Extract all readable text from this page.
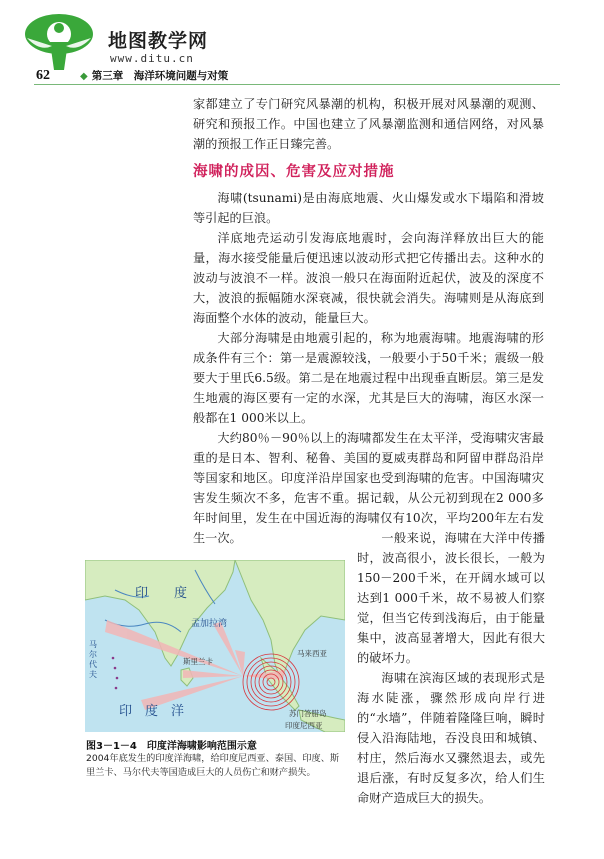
地图教学网
www.ditu.cn
62	◆ 第三章　海洋环境问题与对策

家都建立了专门研究风暴潮的机构，积极开展对风暴潮的观测、研究和预报工作。中国也建立了风暴潮监测和通信网络，对风暴潮的预报工作正日臻完善。

海啸的成因、危害及应对措施

海啸(tsunami)是由海底地震、火山爆发或水下塌陷和滑坡等引起的巨浪。

洋底地壳运动引发海底地震时，会向海洋释放出巨大的能量，海水接受能量后便迅速以波动形式把它传播出去。这种水的波动与波浪不一样。波浪一般只在海面附近起伏，波及的深度不大，波浪的振幅随水深衰减，很快就会消失。海啸则是从海底到海面整个水体的波动，能量巨大。

大部分海啸是由地震引起的，称为地震海啸。地震海啸的形成条件有三个：第一是震源较浅，一般要小于50千米；震级一般要大于里氏6.5级。第二是在地震过程中出现垂直断层。第三是发生地震的海区要有一定的水深，尤其是巨大的海啸，海区水深一般都在1 000米以上。

大约80％－90％以上的海啸都发生在太平洋，受海啸灾害最重的是日本、智利、秘鲁、美国的夏威夷群岛和阿留申群岛沿岸等国家和地区。印度洋沿岸国家也受到海啸的危害。中国海啸灾害发生频次不多，危害不重。据记载，从公元初到现在2 000多年时间里，发生在中国近海的海啸仅有10次，平均200年左右发生一次。	一般来说，海啸在大洋中传播时，波高很小，波长很长，一般为150－200千米，在开阔水域可以达到1 000千米，故不易被人们察觉，但当它传到浅海后，由于能量集中，波高显著增大，因此有很大的破坏力。

海啸在滨海区域的表现形式是海水陡涨，骤然形成向岸行进的“水墙”，伴随着隆隆巨响，瞬时侵入沿海陆地，吞没良田和城镇、村庄，然后海水又骤然退去，或先退后涨，有时反复多次，给人们生命财产造成巨大的损失。

印　　度
孟加拉湾
马尔代夫
斯里兰卡
印　度　洋	苏门答腊岛
马来西亚
印度尼西亚
图3－1－4　印度洋海啸影响范围示意
2004年底发生的印度洋海啸，给印度尼西亚、泰国、印度、斯里兰卡、马尔代夫等国造成巨大的人员伤亡和财产损失。
